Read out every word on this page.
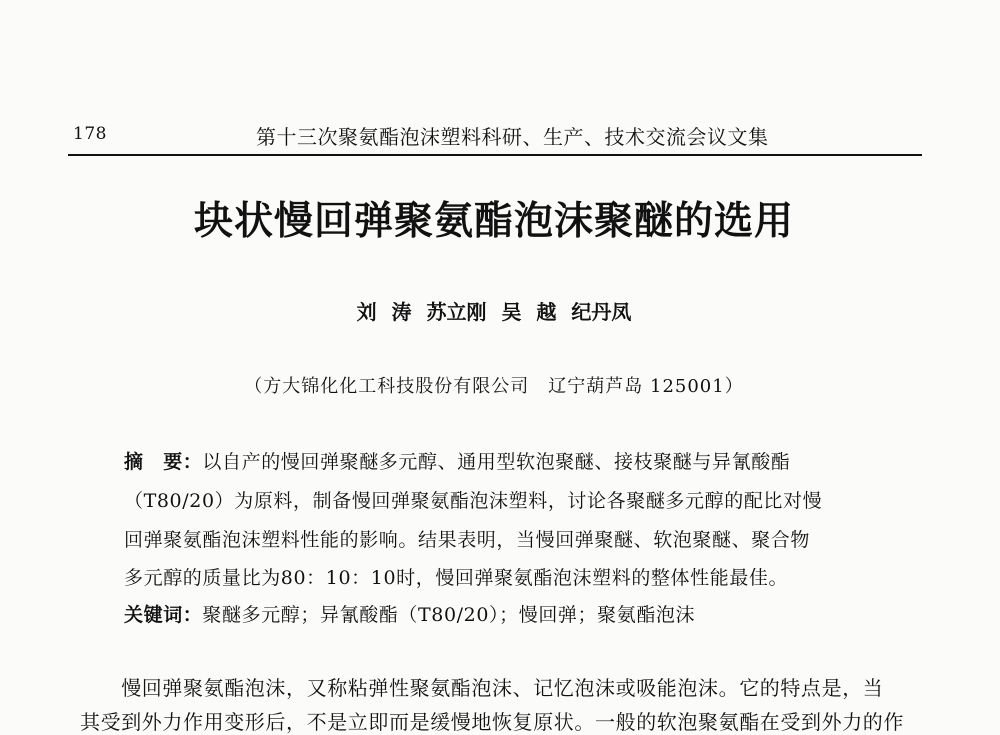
178	第十三次聚氨酯泡沫塑料科研、生产、技术交流会议文集
块状慢回弹聚氨酯泡沫聚醚的选用
刘 涛 苏立刚 吴 越 纪丹凤
（方大锦化化工科技股份有限公司　辽宁葫芦岛 125001）
摘　要：以自产的慢回弹聚醚多元醇、通用型软泡聚醚、接枝聚醚与异氰酸酯
（T80/20）为原料，制备慢回弹聚氨酯泡沫塑料，讨论各聚醚多元醇的配比对慢
回弹聚氨酯泡沫塑料性能的影响。结果表明，当慢回弹聚醚、软泡聚醚、聚合物
多元醇的质量比为80：10：10时，慢回弹聚氨酯泡沫塑料的整体性能最佳。
关键词：聚醚多元醇；异氰酸酯（T80/20）；慢回弹；聚氨酯泡沫
　　慢回弹聚氨酯泡沫，又称粘弹性聚氨酯泡沫、记忆泡沫或吸能泡沫。它的特点是，当
其受到外力作用变形后，不是立即而是缓慢地恢复原状。一般的软泡聚氨酯在受到外力的作
